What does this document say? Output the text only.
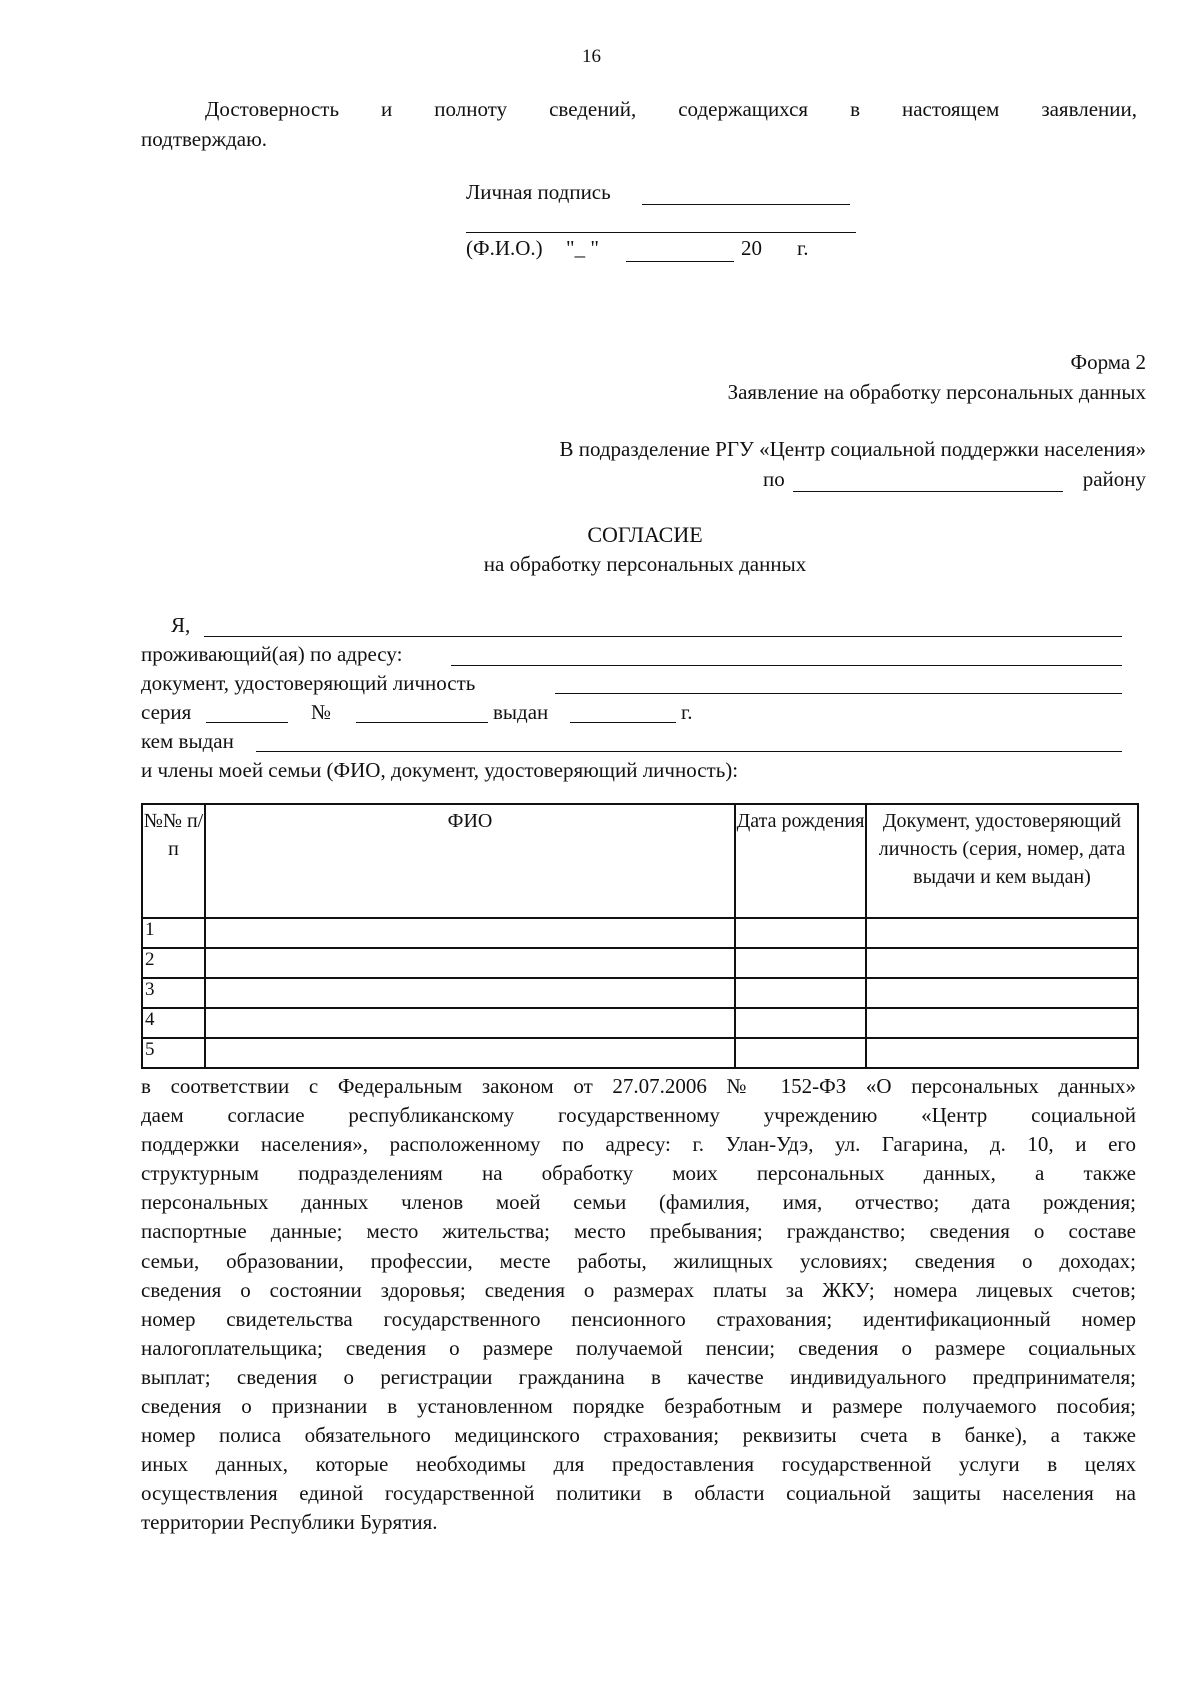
16
Достоверность и полноту сведений, содержащихся в настоящем заявлении,
подтверждаю.
Личная подпись
(Ф.И.О.) "_ "	20 г.
Форма 2
Заявление на обработку персональных данных
В подразделение РГУ «Центр социальной поддержки населения»
по	району
СОГЛАСИЕ
на обработку персональных данных
Я,
проживающий(ая) по адресу:
документ, удостоверяющий личность
серия	№	выдан	г.
кем выдан
и члены моей семьи (ФИО, документ, удостоверяющий личность):
№№ п/п	ФИО	Дата рождения	Документ, удостоверяющий личность (серия, номер, дата выдачи и кем выдан)
1			
2			
3			
4			
5			
в соответствии с Федеральным законом от 27.07.2006 № 152-ФЗ «О персональных данных»
даем согласие республиканскому государственному учреждению «Центр социальной
поддержки населения», расположенному по адресу: г. Улан-Удэ, ул. Гагарина, д. 10, и его
структурным подразделениям на обработку моих персональных данных, а также
персональных данных членов моей семьи (фамилия, имя, отчество; дата рождения;
паспортные данные; место жительства; место пребывания; гражданство; сведения о составе
семьи, образовании, профессии, месте работы, жилищных условиях; сведения о доходах;
сведения о состоянии здоровья; сведения о размерах платы за ЖКУ; номера лицевых счетов;
номер свидетельства государственного пенсионного страхования; идентификационный номер
налогоплательщика; сведения о размере получаемой пенсии; сведения о размере социальных
выплат; сведения о регистрации гражданина в качестве индивидуального предпринимателя;
сведения о признании в установленном порядке безработным и размере получаемого пособия;
номер полиса обязательного медицинского страхования; реквизиты счета в банке), а также
иных данных, которые необходимы для предоставления государственной услуги в целях
осуществления единой государственной политики в области социальной защиты населения на
территории Республики Бурятия.
